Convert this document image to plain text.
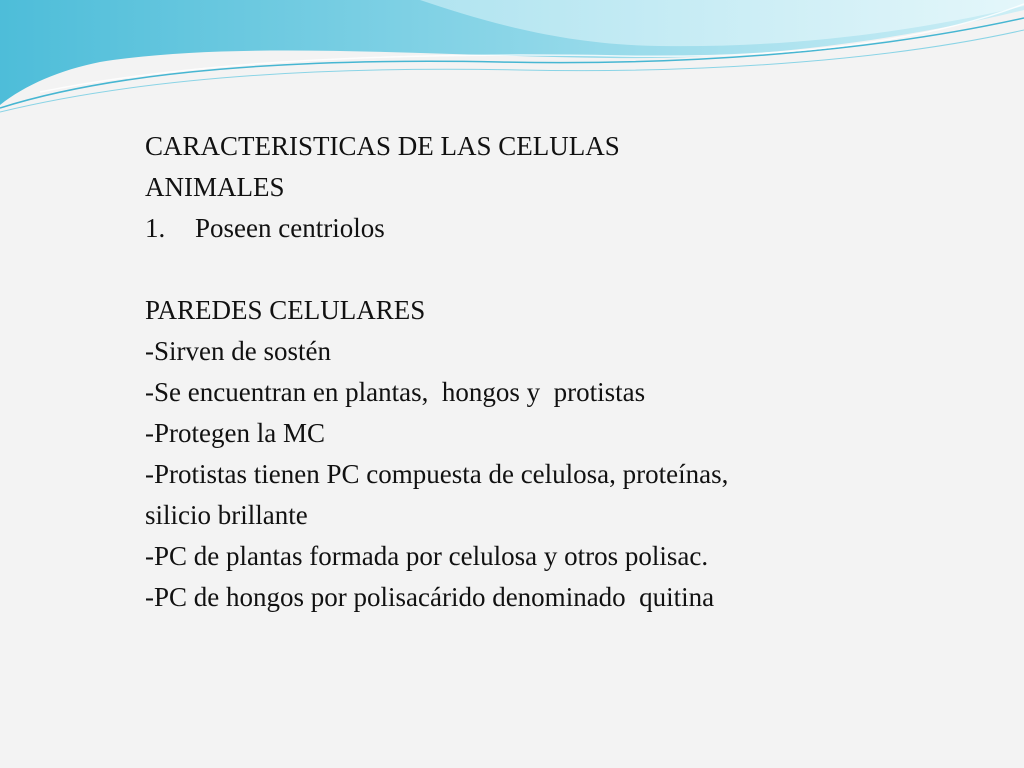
CARACTERISTICAS DE LAS CELULAS
ANIMALES
1. Poseen centriolos
PAREDES CELULARES
-Sirven de sostén
-Se encuentran en plantas,  hongos y  protistas
-Protegen la MC
-Protistas tienen PC compuesta de celulosa, proteínas,
silicio brillante
-PC de plantas formada por celulosa y otros polisac.
-PC de hongos por polisacárido denominado  quitina
